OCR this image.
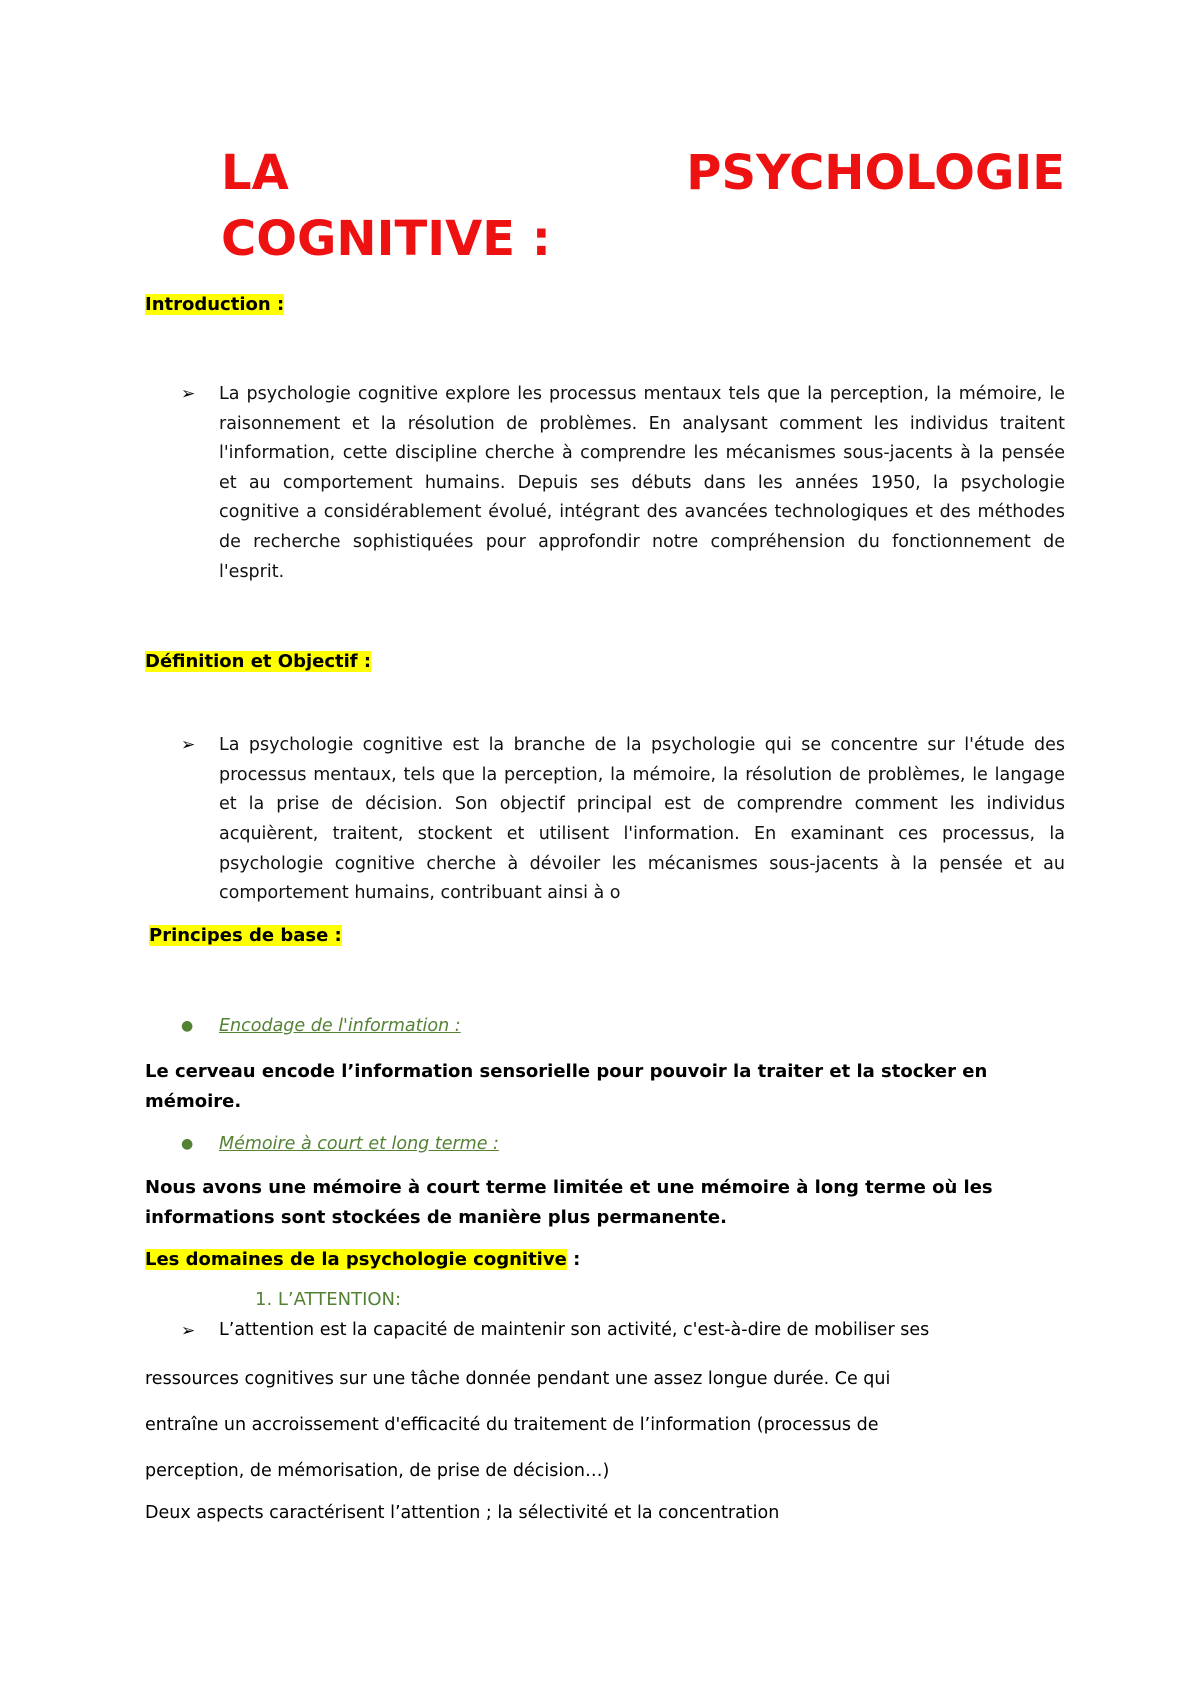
LA	PSYCHOLOGIE
COGNITIVE :

Introduction :

➢	La psychologie cognitive explore les processus mentaux tels que la perception, la mémoire, le raisonnement et la résolution de problèmes. En analysant comment les individus traitent l'information, cette discipline cherche à comprendre les mécanismes sous-jacents à la pensée et au comportement humains. Depuis ses débuts dans les années 1950, la psychologie cognitive a considérablement évolué, intégrant des avancées technologiques et des méthodes de recherche sophistiquées pour approfondir notre compréhension du fonctionnement de l'esprit.

Définition et Objectif :

➢	La psychologie cognitive est la branche de la psychologie qui se concentre sur l'étude des processus mentaux, tels que la perception, la mémoire, la résolution de problèmes, le langage et la prise de décision. Son objectif principal est de comprendre comment les individus acquièrent, traitent, stockent et utilisent l'information. En examinant ces processus, la psychologie cognitive cherche à dévoiler les mécanismes sous-jacents à la pensée et au comportement humains, contribuant ainsi à o

Principes de base :

●	Encodage de l'information :

Le cerveau encode l’information sensorielle pour pouvoir la traiter et la stocker en mémoire.

●	Mémoire à court et long terme :

Nous avons une mémoire à court terme limitée et une mémoire à long terme où les informations sont stockées de manière plus permanente.

Les domaines de la psychologie cognitive :

1. L’ATTENTION:
➢	L’attention est la capacité de maintenir son activité, c'est-à-dire de mobiliser ses

ressources cognitives sur une tâche donnée pendant une assez longue durée. Ce qui

entraîne un accroissement d'efficacité du traitement de l’information (processus de

perception, de mémorisation, de prise de décision…)

Deux aspects caractérisent l’attention ; la sélectivité et la concentration
